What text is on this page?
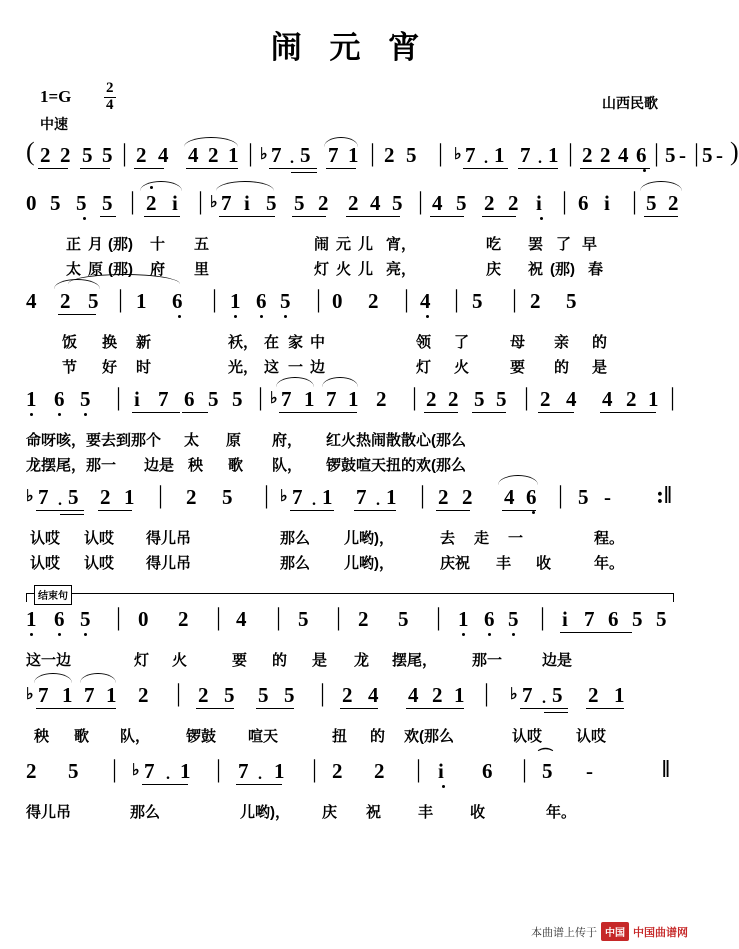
闹 元 宵
$1=G \frac{2}{4}$
中速
山西民歌
( 2 2 5 5 | 2 4 4 2 1 | ♭ 7 . 5 7 1 | 2 5 | ♭ 7 . 1 7 . 1 | 2 2 4 6 | 5 - | 5 - )
0 5 5 5 | 2 i | ♭ 7 i 5 5 2 2 4 5 | 4 5 2 2 i | 6 i | 5 2
正 月 (那) 十 五	闹 元 儿 宵，	吃 罢 了 早
太 原 (那) 府 里	灯 火 儿 亮，	庆 祝 (那) 春
4 2 5 | 1 6 | 1 6 5 | 0 2 | 4 | 5 | 2 5
饭 换 新	袄， 在 家 中	领 了	母 亲 的
节 好 时	光， 这 一 边	灯 火	要 的 是
1 6 5 | i 7 6 5 5 | ♭ 7 1 7 1 2 | 2 2 5 5 | 2 4 4 2 1 |
命呀咳，要去到那个 太 原 府， 红火热闹散散心(那么
龙摆尾，那一 边是 秧 歌 队， 锣鼓喧天扭的欢(那么
♭ 7 . 5 2 1 | 2 5 | ♭ 7 . 1 7 . 1 | 2 2 4 6 | 5 - :‖
认哎 认哎 得儿吊	那么 儿哟)，	去 走 一	程。
认哎 认哎 得儿吊	那么 儿哟)，	庆祝 丰 收	年。
结束句
1 6 5 | 0 2 | 4 | 5 | 2 5 | 1 6 5 | i 7 6 5 5
这一边	灯 火	要 的 是 龙 摆尾， 那一	边是
♭ 7 1 7 1 2 | 2 5 5 5 | 2 4 4 2 1 | ♭ 7 . 5 2 1
秧 歌 队， 锣鼓 喧天	扭 的 欢(那么	认哎 认哎
2 5 | ♭ 7 . 1 | 7 . 1 | 2 2 | i 6 | 5
⌒
-	‖
得儿吊	那么	儿哟)， 庆 祝 丰 收	年。
本曲谱上传于 中国 中国曲谱网
